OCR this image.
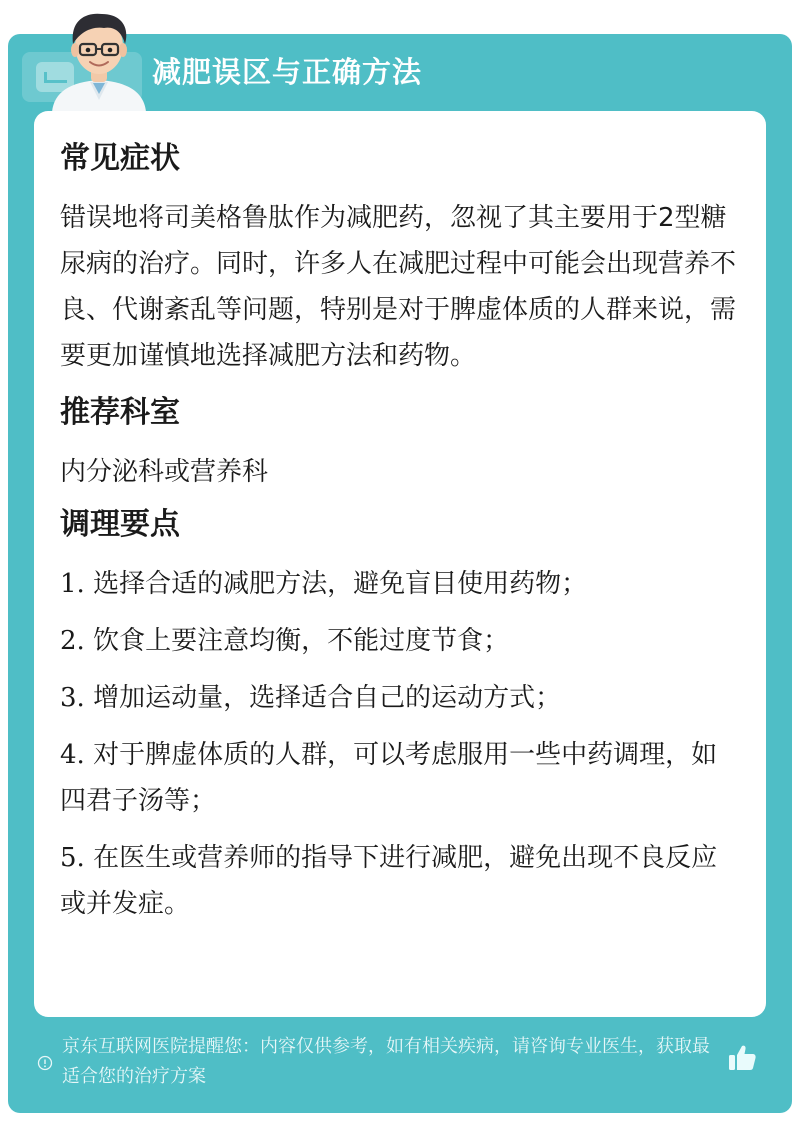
减肥误区与正确方法
常见症状

错误地将司美格鲁肽作为减肥药，忽视了其主要用于2型糖尿病的治疗。同时，许多人在减肥过程中可能会出现营养不良、代谢紊乱等问题，特别是对于脾虚体质的人群来说，需要更加谨慎地选择减肥方法和药物。

推荐科室

内分泌科或营养科

调理要点

1. 选择合适的减肥方法，避免盲目使用药物；

2. 饮食上要注意均衡，不能过度节食；

3. 增加运动量，选择适合自己的运动方式；

4. 对于脾虚体质的人群，可以考虑服用一些中药调理，如四君子汤等；

5. 在医生或营养师的指导下进行减肥，避免出现不良反应或并发症。

京东互联网医院提醒您：内容仅供参考，如有相关疾病，请咨询专业医生，获取最适合您的治疗方案
